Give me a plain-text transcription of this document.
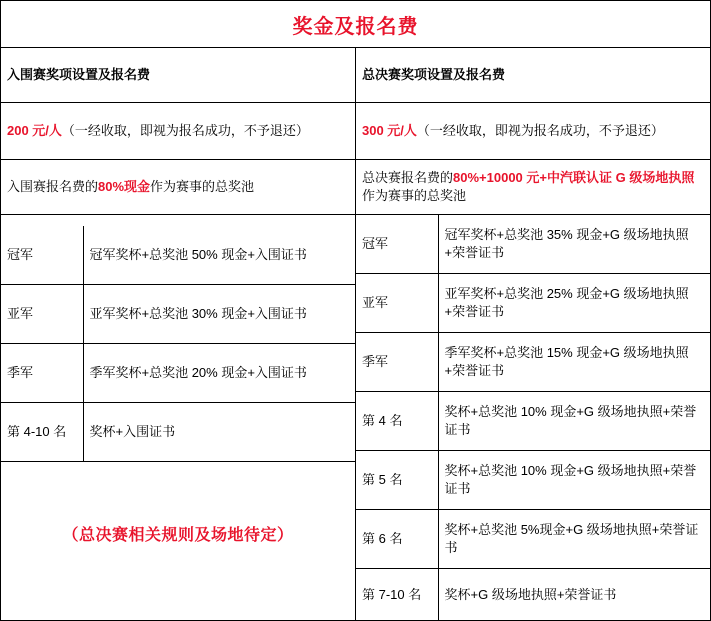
奖金及报名费
入围赛奖项设置及报名费	总决赛奖项设置及报名费
200 元/人（一经收取，即视为报名成功，不予退还）	300 元/人（一经收取，即视为报名成功，不予退还）
入围赛报名费的80%现金作为赛事的总奖池	总决赛报名费的80%+10000 元+中汽联认证 G 级场地执照作为赛事的总奖池

冠军	冠军奖杯+总奖池 50% 现金+入围证书
亚军	亚军奖杯+总奖池 30% 现金+入围证书
季军	季军奖杯+总奖池 20% 现金+入围证书
第 4-10 名	奖杯+入围证书
（总决赛相关规则及场地待定）

冠军	冠军奖杯+总奖池 35% 现金+G 级场地执照+荣誉证书
亚军	亚军奖杯+总奖池 25% 现金+G 级场地执照+荣誉证书
季军	季军奖杯+总奖池 15% 现金+G 级场地执照+荣誉证书
第 4 名	奖杯+总奖池 10% 现金+G 级场地执照+荣誉证书
第 5 名	奖杯+总奖池 10% 现金+G 级场地执照+荣誉证书
第 6 名	奖杯+总奖池 5%现金+G 级场地执照+荣誉证书
第 7-10 名	奖杯+G 级场地执照+荣誉证书
